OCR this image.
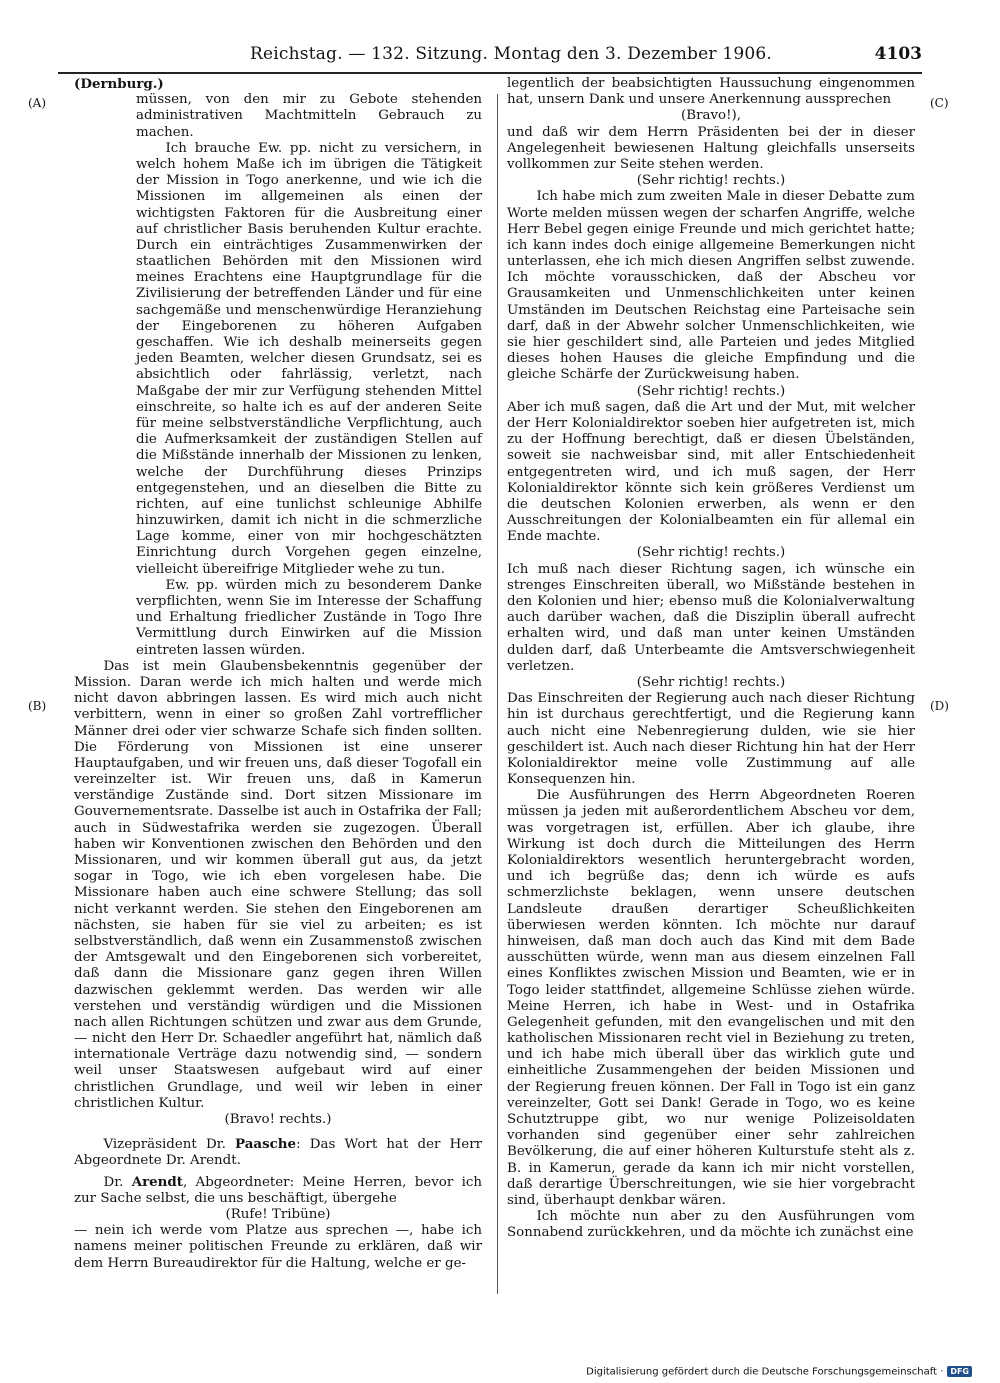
Reichstag. — 132. Sitzung. Montag den 3. Dezember 1906.	4103
(A)
(B)
(C)
(D)

(Dernburg.)

müssen, von den mir zu Gebote stehenden administrativen Machtmitteln Gebrauch zu machen.

Ich brauche Ew. pp. nicht zu versichern, in welch hohem Maße ich im übrigen die Tätigkeit der Mission in Togo anerkenne, und wie ich die Missionen im allgemeinen als einen der wichtigsten Faktoren für die Ausbreitung einer auf christlicher Basis beruhenden Kultur erachte. Durch ein einträchtiges Zusammenwirken der staatlichen Behörden mit den Missionen wird meines Erachtens eine Hauptgrundlage für die Zivilisierung der betreffenden Länder und für eine sachgemäße und menschenwürdige Heranziehung der Eingeborenen zu höheren Aufgaben geschaffen. Wie ich deshalb meinerseits gegen jeden Beamten, welcher diesen Grundsatz, sei es absichtlich oder fahrlässig, verletzt, nach Maßgabe der mir zur Verfügung stehenden Mittel einschreite, so halte ich es auf der anderen Seite für meine selbstverständliche Verpflichtung, auch die Aufmerksamkeit der zuständigen Stellen auf die Mißstände innerhalb der Missionen zu lenken, welche der Durchführung dieses Prinzips entgegenstehen, und an dieselben die Bitte zu richten, auf eine tunlichst schleunige Abhilfe hinzuwirken, damit ich nicht in die schmerzliche Lage komme, einer von mir hochgeschätzten Einrichtung durch Vorgehen gegen einzelne, vielleicht übereifrige Mitglieder wehe zu tun.

Ew. pp. würden mich zu besonderem Danke verpflichten, wenn Sie im Interesse der Schaffung und Erhaltung friedlicher Zustände in Togo Ihre Vermittlung durch Einwirken auf die Mission eintreten lassen würden.

Das ist mein Glaubensbekenntnis gegenüber der Mission. Daran werde ich mich halten und werde mich nicht davon abbringen lassen. Es wird mich auch nicht verbittern, wenn in einer so großen Zahl vortrefflicher Männer drei oder vier schwarze Schafe sich finden sollten. Die Förderung von Missionen ist eine unserer Hauptaufgaben, und wir freuen uns, daß dieser Togofall ein vereinzelter ist. Wir freuen uns, daß in Kamerun verständige Zustände sind. Dort sitzen Missionare im Gouvernementsrate. Dasselbe ist auch in Ostafrika der Fall; auch in Südwestafrika werden sie zugezogen. Überall haben wir Konventionen zwischen den Behörden und den Missionaren, und wir kommen überall gut aus, da jetzt sogar in Togo, wie ich eben vorgelesen habe. Die Missionare haben auch eine schwere Stellung; das soll nicht verkannt werden. Sie stehen den Eingeborenen am nächsten, sie haben für sie viel zu arbeiten; es ist selbstverständlich, daß wenn ein Zusammenstoß zwischen der Amtsgewalt und den Eingeborenen sich vorbereitet, daß dann die Missionare ganz gegen ihren Willen dazwischen geklemmt werden. Das werden wir alle verstehen und verständig würdigen und die Missionen nach allen Richtungen schützen und zwar aus dem Grunde, — nicht den Herr Dr. Schaedler angeführt hat, nämlich daß internationale Verträge dazu notwendig sind, — sondern weil unser Staatswesen aufgebaut wird auf einer christlichen Grundlage, und weil wir leben in einer christlichen Kultur.

(Bravo! rechts.)

Vizepräsident Dr. Paasche: Das Wort hat der Herr Abgeordnete Dr. Arendt.

Dr. Arendt, Abgeordneter: Meine Herren, bevor ich zur Sache selbst, die uns beschäftigt, übergehe

(Rufe! Tribüne)

— nein ich werde vom Platze aus sprechen —, habe ich namens meiner politischen Freunde zu erklären, daß wir dem Herrn Bureaudirektor für die Haltung, welche er ge-

legentlich der beabsichtigten Haussuchung eingenommen hat, unsern Dank und unsere Anerkennung aussprechen

(Bravo!),

und daß wir dem Herrn Präsidenten bei der in dieser Angelegenheit bewiesenen Haltung gleichfalls unserseits vollkommen zur Seite stehen werden.

(Sehr richtig! rechts.)

Ich habe mich zum zweiten Male in dieser Debatte zum Worte melden müssen wegen der scharfen Angriffe, welche Herr Bebel gegen einige Freunde und mich gerichtet hatte; ich kann indes doch einige allgemeine Bemerkungen nicht unterlassen, ehe ich mich diesen Angriffen selbst zuwende. Ich möchte vorausschicken, daß der Abscheu vor Grausamkeiten und Unmenschlichkeiten unter keinen Umständen im Deutschen Reichstag eine Parteisache sein darf, daß in der Abwehr solcher Unmenschlichkeiten, wie sie hier geschildert sind, alle Parteien und jedes Mitglied dieses hohen Hauses die gleiche Empfindung und die gleiche Schärfe der Zurückweisung haben.

(Sehr richtig! rechts.)

Aber ich muß sagen, daß die Art und der Mut, mit welcher der Herr Kolonialdirektor soeben hier aufgetreten ist, mich zu der Hoffnung berechtigt, daß er diesen Übelständen, soweit sie nachweisbar sind, mit aller Entschiedenheit entgegentreten wird, und ich muß sagen, der Herr Kolonialdirektor könnte sich kein größeres Verdienst um die deutschen Kolonien erwerben, als wenn er den Ausschreitungen der Kolonialbeamten ein für allemal ein Ende machte.

(Sehr richtig! rechts.)

Ich muß nach dieser Richtung sagen, ich wünsche ein strenges Einschreiten überall, wo Mißstände bestehen in den Kolonien und hier; ebenso muß die Kolonialverwaltung auch darüber wachen, daß die Disziplin überall aufrecht erhalten wird, und daß man unter keinen Umständen dulden darf, daß Unterbeamte die Amtsverschwiegenheit verletzen.

(Sehr richtig! rechts.)

Das Einschreiten der Regierung auch nach dieser Richtung hin ist durchaus gerechtfertigt, und die Regierung kann auch nicht eine Nebenregierung dulden, wie sie hier geschildert ist. Auch nach dieser Richtung hin hat der Herr Kolonialdirektor meine volle Zustimmung auf alle Konsequenzen hin.

Die Ausführungen des Herrn Abgeordneten Roeren müssen ja jeden mit außerordentlichem Abscheu vor dem, was vorgetragen ist, erfüllen. Aber ich glaube, ihre Wirkung ist doch durch die Mitteilungen des Herrn Kolonialdirektors wesentlich heruntergebracht worden, und ich begrüße das; denn ich würde es aufs schmerzlichste beklagen, wenn unsere deutschen Landsleute draußen derartiger Scheußlichkeiten überwiesen werden könnten. Ich möchte nur darauf hinweisen, daß man doch auch das Kind mit dem Bade ausschütten würde, wenn man aus diesem einzelnen Fall eines Konfliktes zwischen Mission und Beamten, wie er in Togo leider stattfindet, allgemeine Schlüsse ziehen würde. Meine Herren, ich habe in West- und in Ostafrika Gelegenheit gefunden, mit den evangelischen und mit den katholischen Missionaren recht viel in Beziehung zu treten, und ich habe mich überall über das wirklich gute und einheitliche Zusammengehen der beiden Missionen und der Regierung freuen können. Der Fall in Togo ist ein ganz vereinzelter, Gott sei Dank! Gerade in Togo, wo es keine Schutztruppe gibt, wo nur wenige Polizeisoldaten vorhanden sind gegenüber einer sehr zahlreichen Bevölkerung, die auf einer höheren Kulturstufe steht als z. B. in Kamerun, gerade da kann ich mir nicht vorstellen, daß derartige Überschreitungen, wie sie hier vorgebracht sind, überhaupt denkbar wären.

Ich möchte nun aber zu den Ausführungen vom Sonnabend zurückkehren, und da möchte ich zunächst eine

Digitalisierung gefördert durch die Deutsche Forschungsgemeinschaft · DFG
